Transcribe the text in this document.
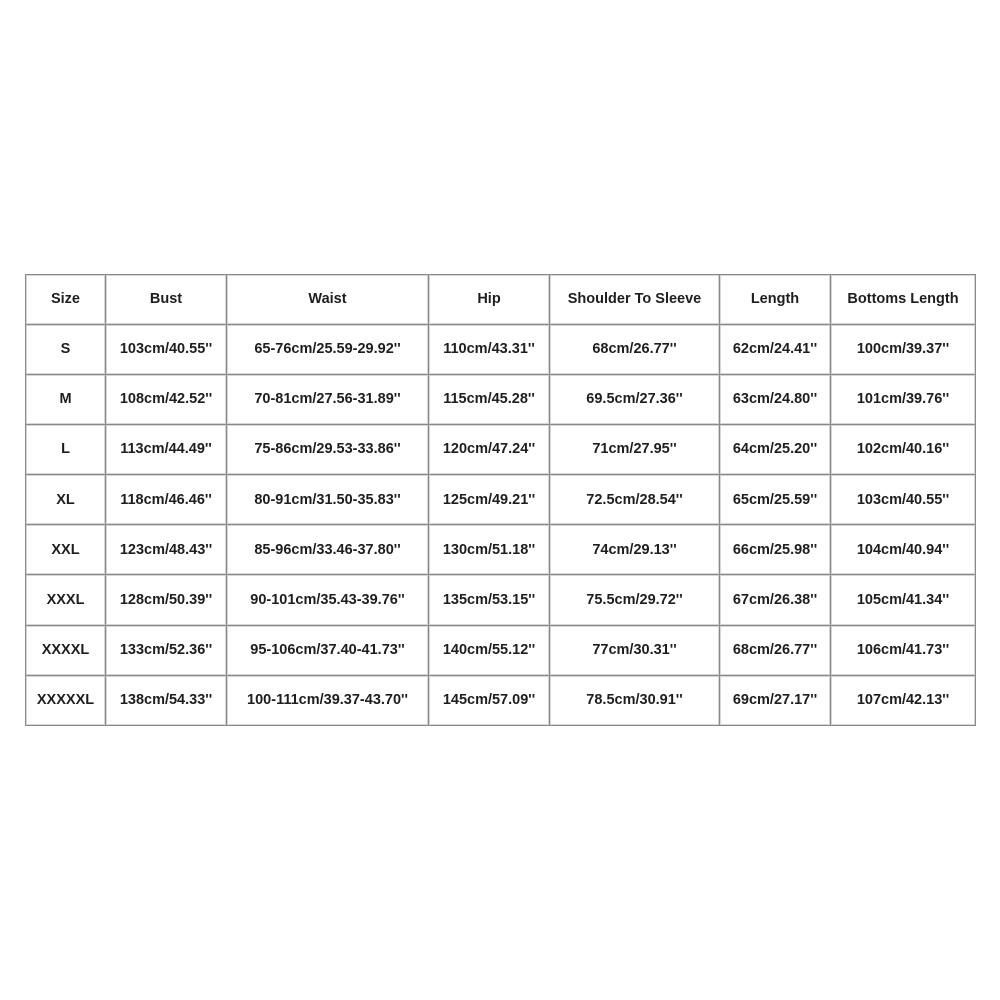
Size	Bust	Waist	Hip	Shoulder To Sleeve	Length	Bottoms Length
S	103cm/40.55''	65-76cm/25.59-29.92''	110cm/43.31''	68cm/26.77''	62cm/24.41''	100cm/39.37''
M	108cm/42.52''	70-81cm/27.56-31.89''	115cm/45.28''	69.5cm/27.36''	63cm/24.80''	101cm/39.76''
L	113cm/44.49''	75-86cm/29.53-33.86''	120cm/47.24''	71cm/27.95''	64cm/25.20''	102cm/40.16''
XL	118cm/46.46''	80-91cm/31.50-35.83''	125cm/49.21''	72.5cm/28.54''	65cm/25.59''	103cm/40.55''
XXL	123cm/48.43''	85-96cm/33.46-37.80''	130cm/51.18''	74cm/29.13''	66cm/25.98''	104cm/40.94''
XXXL	128cm/50.39''	90-101cm/35.43-39.76''	135cm/53.15''	75.5cm/29.72''	67cm/26.38''	105cm/41.34''
XXXXL	133cm/52.36''	95-106cm/37.40-41.73''	140cm/55.12''	77cm/30.31''	68cm/26.77''	106cm/41.73''
XXXXXL	138cm/54.33''	100-111cm/39.37-43.70''	145cm/57.09''	78.5cm/30.91''	69cm/27.17''	107cm/42.13''
